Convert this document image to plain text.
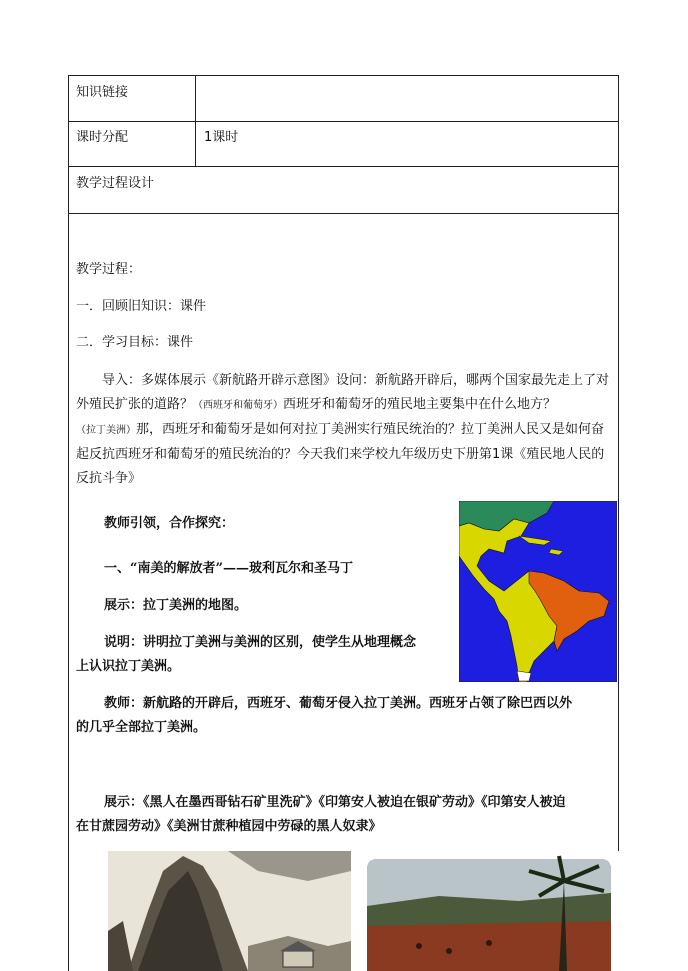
知识链接
课时分配	1课时
教学过程设计
教学过程：
一．回顾旧知识：课件
二．学习目标：课件
导入：多媒体展示《新航路开辟示意图》设问：新航路开辟后，哪两个国家最先走上了对外殖民扩张的道路？（西班牙和葡萄牙）西班牙和葡萄牙的殖民地主要集中在什么地方？（拉丁美洲）那，西班牙和葡萄牙是如何对拉丁美洲实行殖民统治的？拉丁美洲人民又是如何奋起反抗西班牙和葡萄牙的殖民统治的？今天我们来学校九年级历史下册第1课《殖民地人民的反抗斗争》
教师引领，合作探究：
一、“南美的解放者”——玻利瓦尔和圣马丁
展示：拉丁美洲的地图。
说明：讲明拉丁美洲与美洲的区别，使学生从地理概念
上认识拉丁美洲。
教师：新航路的开辟后，西班牙、葡萄牙侵入拉丁美洲。西班牙占领了除巴西以外
的几乎全部拉丁美洲。
展示：《黑人在墨西哥钻石矿里洗矿》《印第安人被迫在银矿劳动》《印第安人被迫
在甘蔗园劳动》《美洲甘蔗种植园中劳碌的黑人奴隶》
